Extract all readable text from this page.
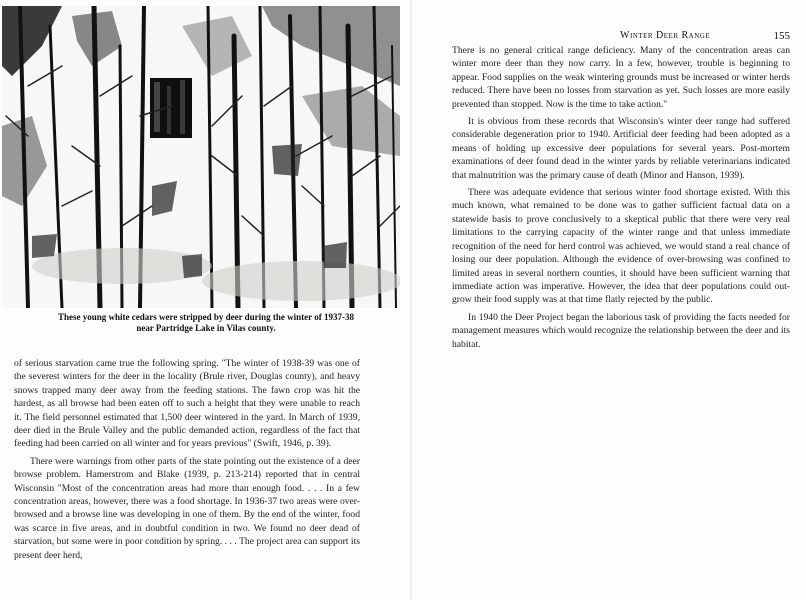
These young white cedars were stripped by deer during the winter of 1937-38
near Partridge Lake in Vilas county.

of serious starvation came true the following spring. "The winter of 1938-39 was one of the severest winters for the deer in the locality (Brule river, Douglas county), and heavy snows trapped many deer away from the feeding stations. The fawn crop was hit the hardest, as all browse had been eaten off to such a height that they were unable to reach it. The field personnel estimated that 1,500 deer wintered in the yard. In March of 1939, deer died in the Brule Valley and the public demanded action, regardless of the fact that feeding had been carried on all winter and for years previous" (Swift, 1946, p. 39).

There were warnings from other parts of the state pointing out the existence of a deer browse problem. Hamerstrom and Blake (1939, p. 213-214) reported that in central Wisconsin "Most of the concentration areas had more than enough food. . . . In a few concentration areas, however, there was a food shortage. In 1936-37 two areas were over-browsed and a browse line was developing in one of them. By the end of the winter, food was scarce in five areas, and in doubtful condition in two. We found no deer dead of starvation, but some were in poor condition by spring. . . . The project area can support its present deer herd,

Winter Deer Range	155

There is no general critical range deficiency. Many of the concentration areas can winter more deer than they now carry. In a few, however, trouble is beginning to appear. Food supplies on the weak wintering grounds must be increased or winter herds reduced. There have been no losses from starvation as yet. Such losses are more easily prevented than stopped. Now is the time to take action."

It is obvious from these records that Wisconsin's winter deer range had suffered considerable degeneration prior to 1940. Artificial deer feeding had been adopted as a means of holding up excessive deer populations for several years. Post-mortem examinations of deer found dead in the winter yards by reliable veterinarians indicated that malnutrition was the primary cause of death (Minor and Hanson, 1939).

There was adequate evidence that serious winter food shortage existed. With this much known, what remained to be done was to gather sufficient factual data on a statewide basis to prove conclusively to a skeptical public that there were very real limitations to the carrying capacity of the winter range and that unless immediate recognition of the need for herd control was achieved, we would stand a real chance of losing our deer population. Although the evidence of over-browsing was confined to limited areas in several northern counties, it should have been sufficient warning that immediate action was imperative. However, the idea that deer populations could out-grow their food supply was at that time flatly rejected by the public.

In 1940 the Deer Project began the laborious task of providing the facts needed for management measures which would recognize the relationship between the deer and its habitat.
